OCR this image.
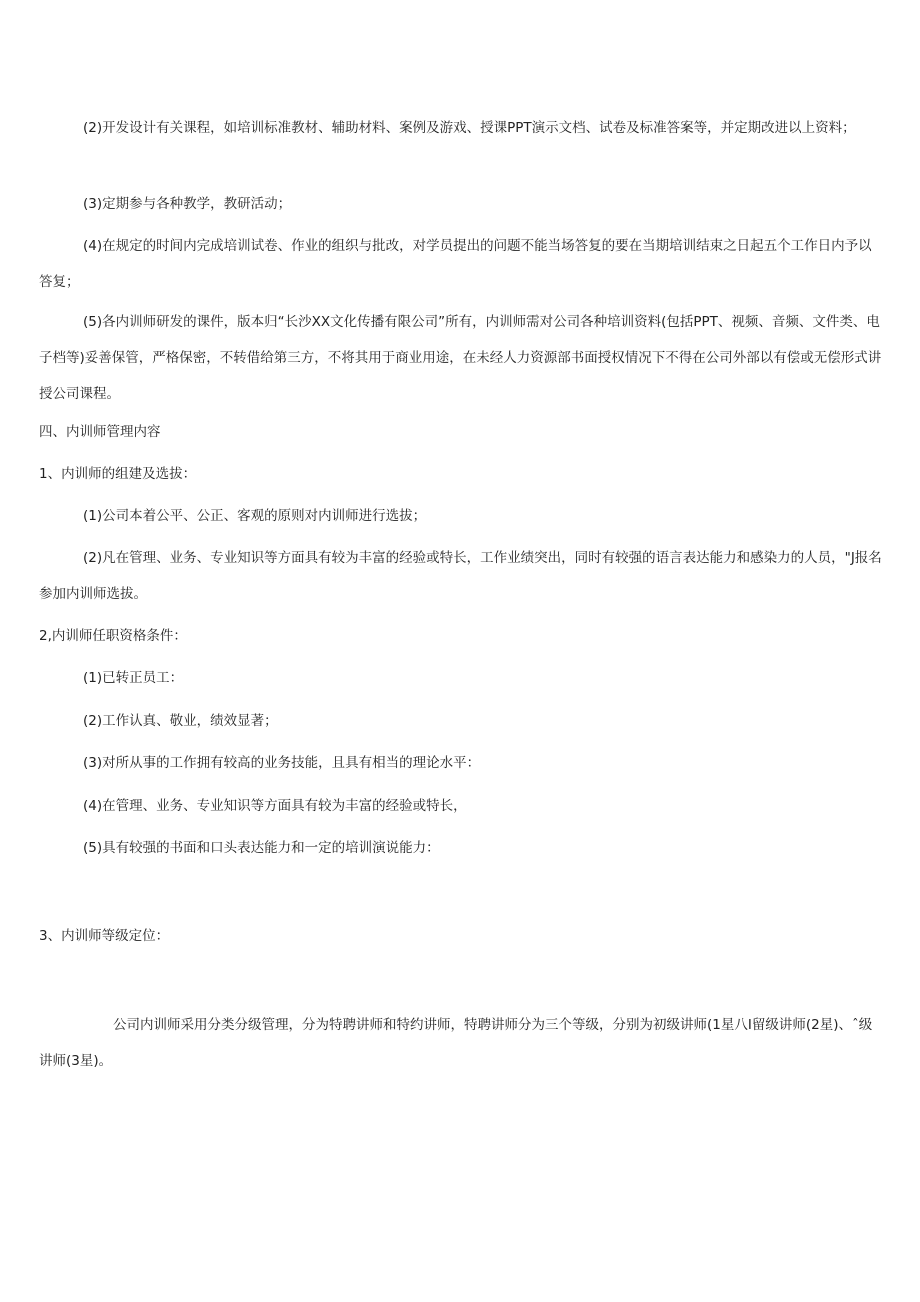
(2)开发设计有关课程，如培训标准教材、辅助材料、案例及游戏、授课PPT演示文档、试卷及标准答案等，并定期改进以上资料；

(3)定期参与各种教学，教研活动；

(4)在规定的时间内完成培训试卷、作业的组织与批改，对学员提出的问题不能当场答复的要在当期培训结束之日起五个工作日内予以答复；

(5)各内训师研发的课件，版本归“长沙XX文化传播有限公司”所有，内训师需对公司各种培训资料(包括PPT、视频、音频、文件类、电子档等)妥善保管，严格保密，不转借给第三方，不将其用于商业用途，在未经人力资源部书面授权情况下不得在公司外部以有偿或无偿形式讲授公司课程。

四、内训师管理内容

1、内训师的组建及选拔：

(1)公司本着公平、公正、客观的原则对内训师进行选拔；

(2)凡在管理、业务、专业知识等方面具有较为丰富的经验或特长，工作业绩突出，同时有较强的语言表达能力和感染力的人员，"J报名参加内训师选拔。

2,内训师任职资格条件：

(1)已转正员工：

(2)工作认真、敬业，绩效显著；

(3)对所从事的工作拥有较高的业务技能，且具有相当的理论水平：

(4)在管理、业务、专业知识等方面具有较为丰富的经验或特长，

(5)具有较强的书面和口头表达能力和一定的培训演说能力：

3、内训师等级定位：

公司内训师采用分类分级管理，分为特聘讲师和特约讲师，特聘讲师分为三个等级，分别为初级讲师(1星八I留级讲师(2星)、ˆ级讲师(3星)。
